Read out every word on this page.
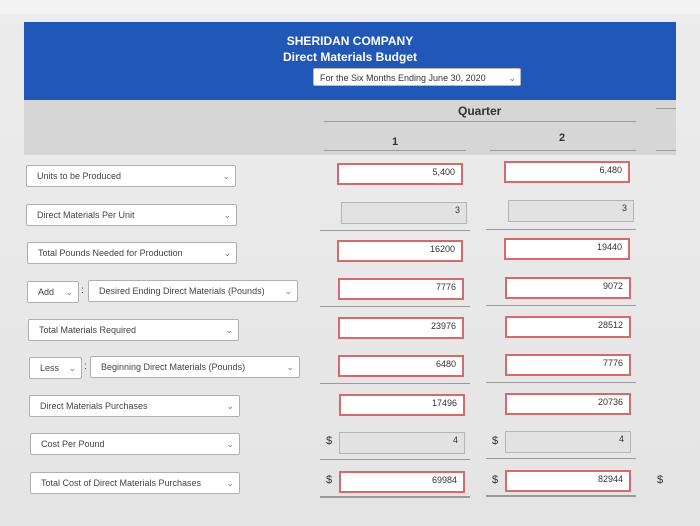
SHERIDAN COMPANY
Direct Materials Budget
For the Six Months Ending June 30, 2020	⌄
Quarter
1	2
Units to be Produced	⌄	5,400	6,480
Direct Materials Per Unit	⌄	3	3
Total Pounds Needed for Production	⌄	16200	19440
Add ⌄ :	Desired Ending Direct Materials (Pounds) ⌄	7776	9072
Total Materials Required	⌄	23976	28512
Less ⌄ :	Beginning Direct Materials (Pounds)	⌄	6480	7776
Direct Materials Purchases	⌄	17496	20736
Cost Per Pound	⌄	$	4	$	4
Total Cost of Direct Materials Purchases	⌄	$	69984	$	82944	$
